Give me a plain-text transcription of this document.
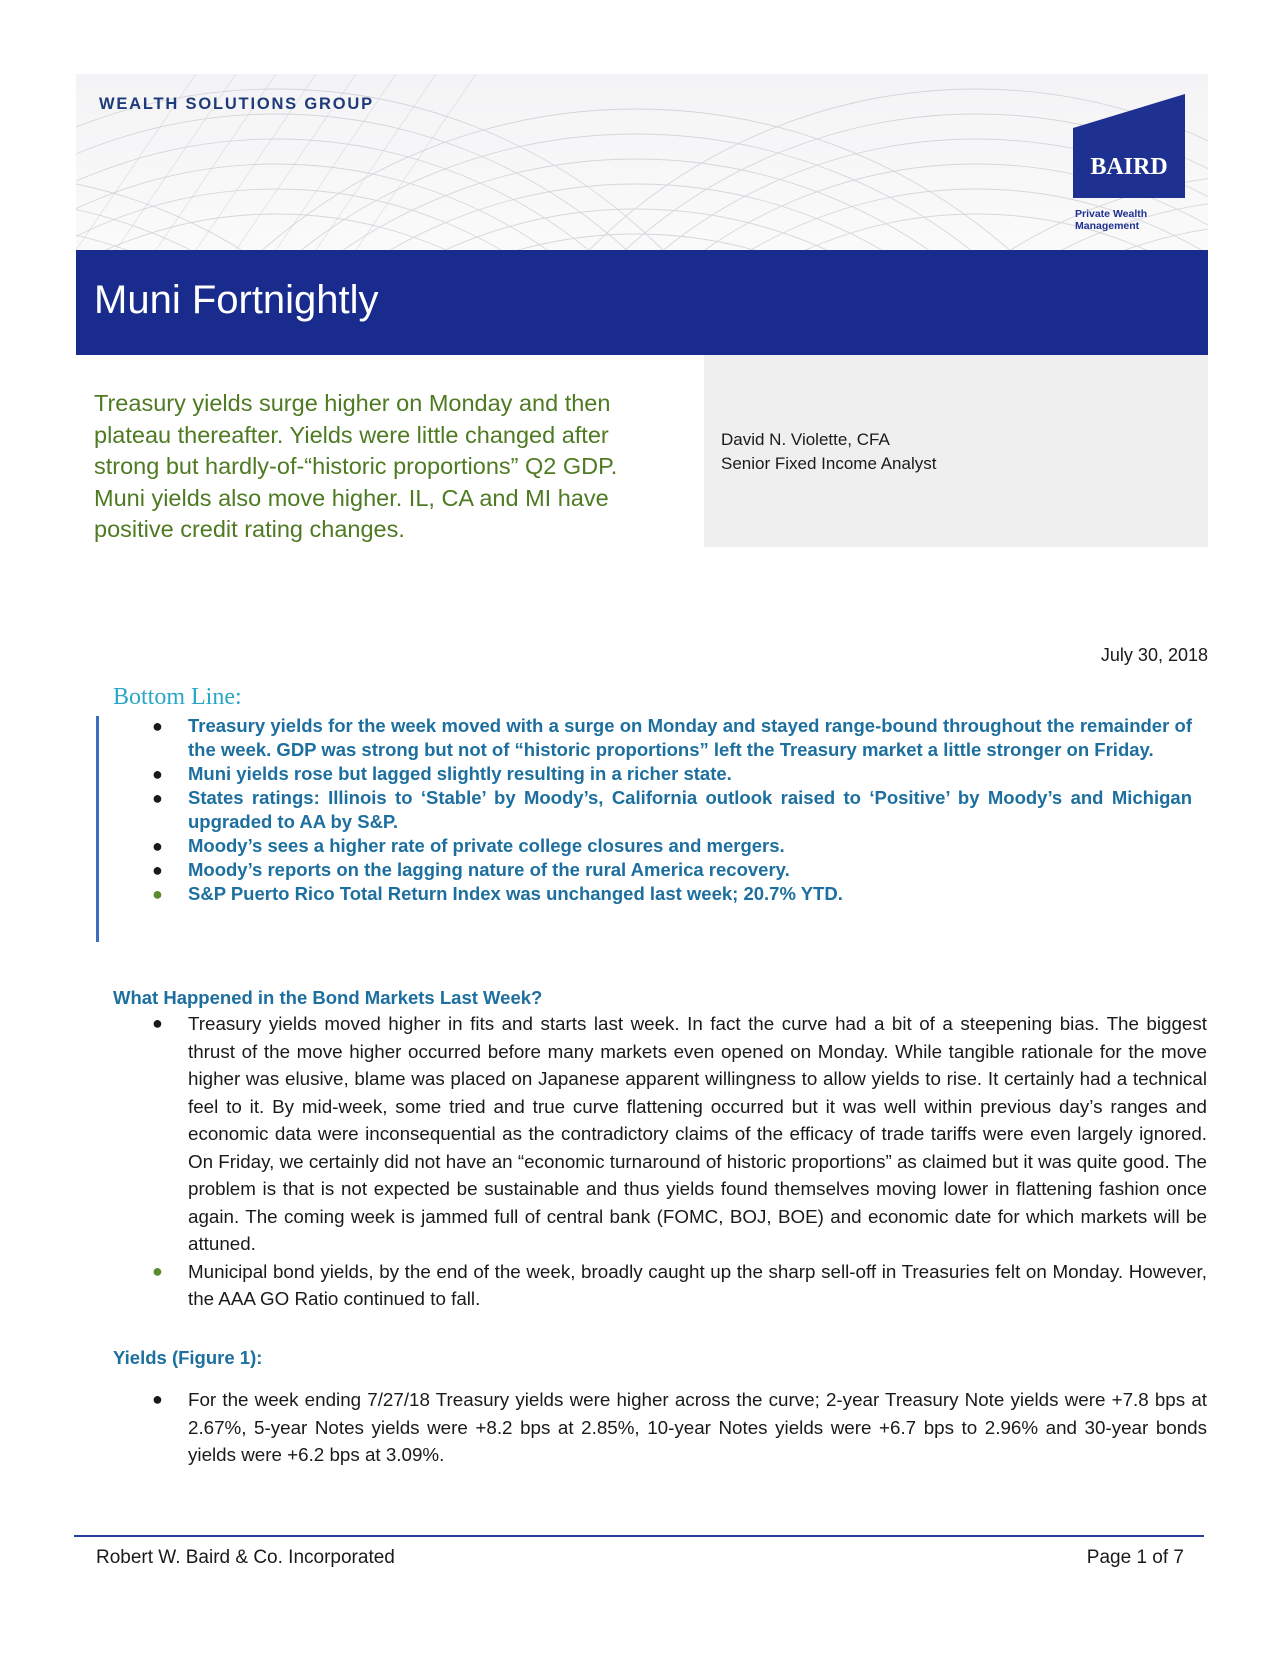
WEALTH SOLUTIONS GROUP
BAIRD
Private Wealth
Management
Muni Fortnightly
Treasury yields surge higher on Monday and then plateau thereafter. Yields were little changed after strong but hardly-of-“historic proportions” Q2 GDP. Muni yields also move higher. IL, CA and MI have positive credit rating changes.
David N. Violette, CFA
Senior Fixed Income Analyst
July 30, 2018
Bottom Line:
● Treasury yields for the week moved with a surge on Monday and stayed range-bound throughout the remainder of the week. GDP was strong but not of “historic proportions” left the Treasury market a little stronger on Friday.
● Muni yields rose but lagged slightly resulting in a richer state.
● States ratings: Illinois to ‘Stable’ by Moody’s, California outlook raised to ‘Positive’ by Moody’s and Michigan upgraded to AA by S&P.
● Moody’s sees a higher rate of private college closures and mergers.
● Moody’s reports on the lagging nature of the rural America recovery.
● S&P Puerto Rico Total Return Index was unchanged last week; 20.7% YTD.
What Happened in the Bond Markets Last Week?
● Treasury yields moved higher in fits and starts last week. In fact the curve had a bit of a steepening bias. The biggest thrust of the move higher occurred before many markets even opened on Monday. While tangible rationale for the move higher was elusive, blame was placed on Japanese apparent willingness to allow yields to rise. It certainly had a technical feel to it. By mid-week, some tried and true curve flattening occurred but it was well within previous day’s ranges and economic data were inconsequential as the contradictory claims of the efficacy of trade tariffs were even largely ignored. On Friday, we certainly did not have an “economic turnaround of historic proportions” as claimed but it was quite good. The problem is that is not expected be sustainable and thus yields found themselves moving lower in flattening fashion once again. The coming week is jammed full of central bank (FOMC, BOJ, BOE) and economic date for which markets will be attuned.
● Municipal bond yields, by the end of the week, broadly caught up the sharp sell-off in Treasuries felt on Monday. However, the AAA GO Ratio continued to fall.
Yields (Figure 1):
● For the week ending 7/27/18 Treasury yields were higher across the curve; 2-year Treasury Note yields were +7.8 bps at 2.67%, 5-year Notes yields were +8.2 bps at 2.85%, 10-year Notes yields were +6.7 bps to 2.96% and 30-year bonds yields were +6.2 bps at 3.09%.
Robert W. Baird & Co. Incorporated	Page 1 of 7
